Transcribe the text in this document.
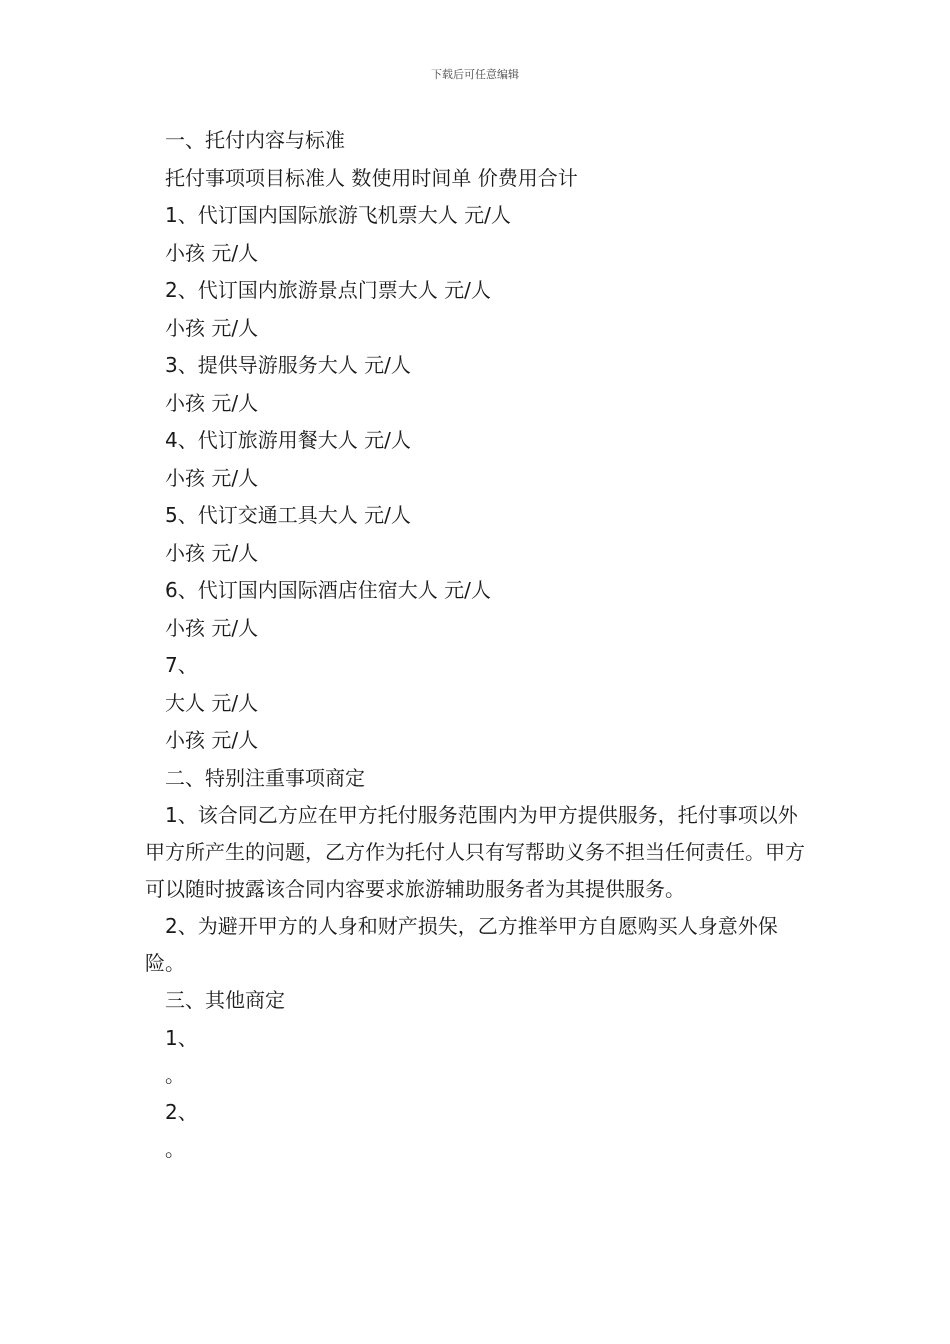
下载后可任意编辑
一、托付内容与标准
托付事项项目标准人 数使用时间单 价费用合计
1、代订国内国际旅游飞机票大人 元/人
小孩 元/人
2、代订国内旅游景点门票大人 元/人
小孩 元/人
3、提供导游服务大人 元/人
小孩 元/人
4、代订旅游用餐大人 元/人
小孩 元/人
5、代订交通工具大人 元/人
小孩 元/人
6、代订国内国际酒店住宿大人 元/人
小孩 元/人
7、
大人 元/人
小孩 元/人
二、特别注重事项商定
1、该合同乙方应在甲方托付服务范围内为甲方提供服务，托付事项以外甲方所产生的问题，乙方作为托付人只有写帮助义务不担当任何责任。甲方可以随时披露该合同内容要求旅游辅助服务者为其提供服务。
2、为避开甲方的人身和财产损失，乙方推举甲方自愿购买人身意外保险。
三、其他商定
1、
。
2、
。
